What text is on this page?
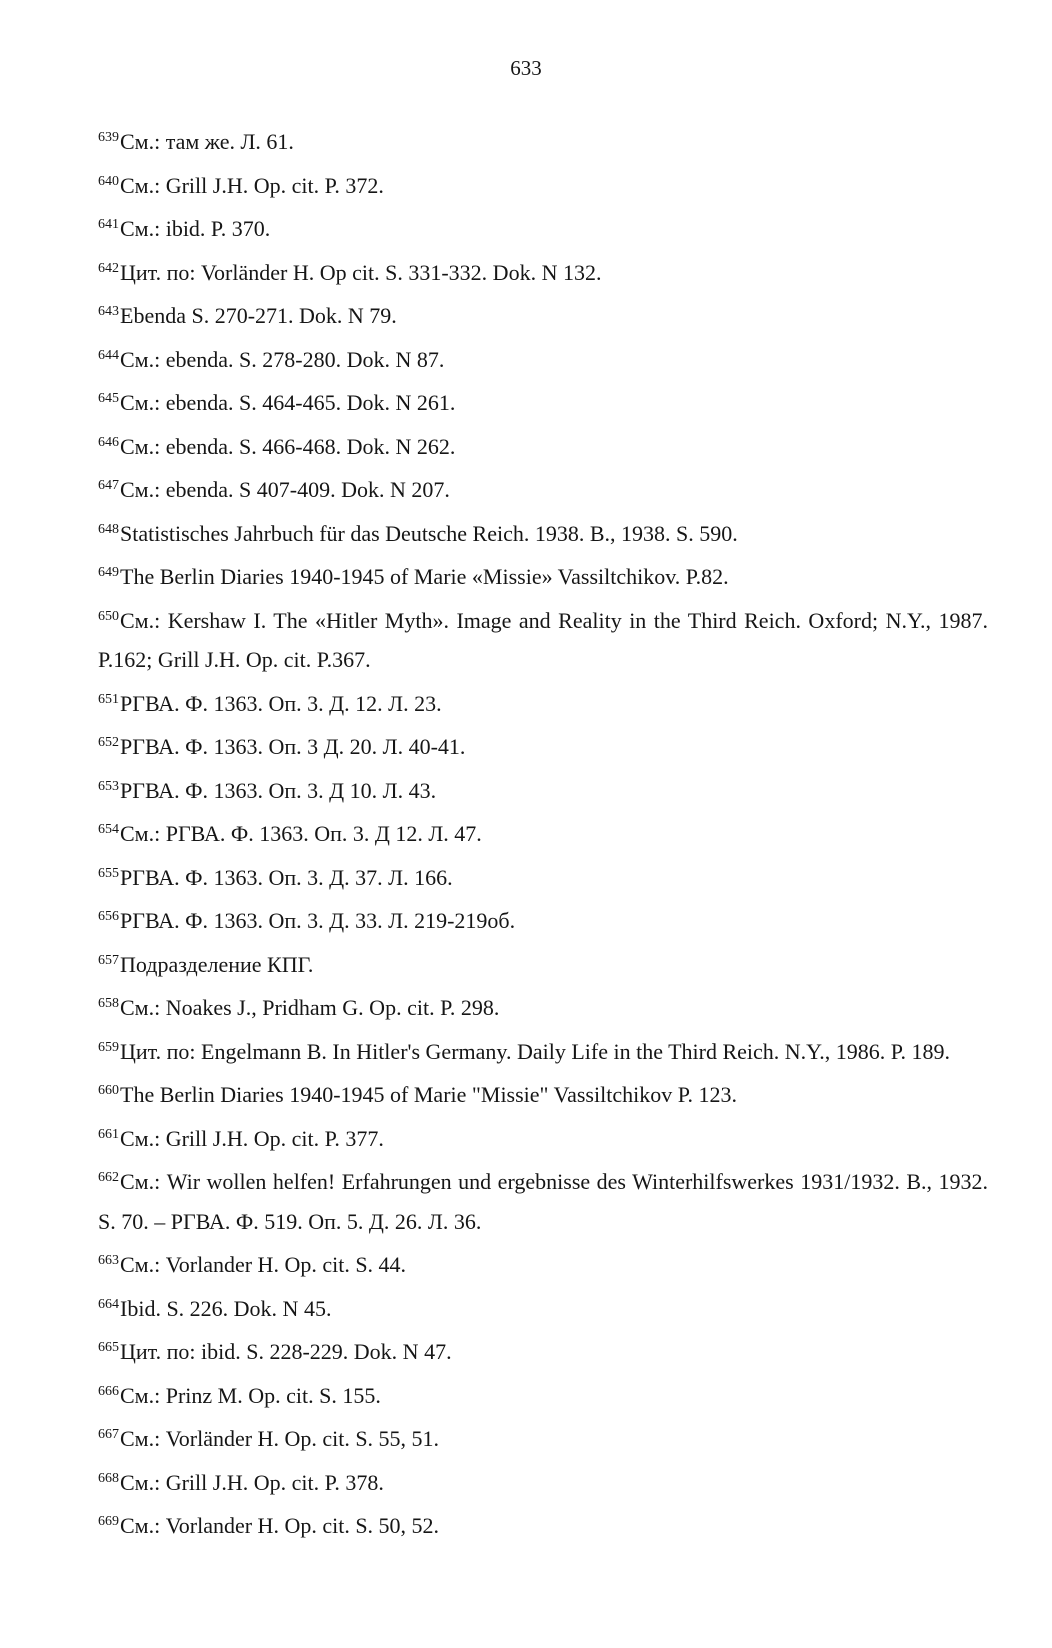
633
$^{639}$См.: там же. Л. 61.
$^{640}$См.: Grill J.H. Op. cit. P. 372.
$^{641}$См.: ibid. P. 370.
$^{642}$Цит. по: Vorländer H. Op cit. S. 331-332. Dok. N 132.
$^{643}$Ebenda S. 270-271. Dok. N 79.
$^{644}$См.: ebenda. S. 278-280. Dok. N 87.
$^{645}$См.: ebenda. S. 464-465. Dok. N 261.
$^{646}$См.: ebenda. S. 466-468. Dok. N 262.
$^{647}$См.: ebenda. S 407-409. Dok. N 207.
$^{648}$Statistisches Jahrbuch für das Deutsche Reich. 1938. B., 1938. S. 590.
$^{649}$The Berlin Diaries 1940-1945 of Marie «Missie» Vassiltchikov. P.82.
$^{650}$См.: Kershaw I. The «Hitler Myth». Image and Reality in the Third Reich. Oxford; N.Y., 1987. P.162; Grill J.H. Op. cit. P.367.
$^{651}$РГВА. Ф. 1363. Оп. 3. Д. 12. Л. 23.
$^{652}$РГВА. Ф. 1363. Оп. 3 Д. 20. Л. 40-41.
$^{653}$РГВА. Ф. 1363. Оп. 3. Д 10. Л. 43.
$^{654}$См.: РГВА. Ф. 1363. Оп. 3. Д 12. Л. 47.
$^{655}$РГВА. Ф. 1363. Оп. 3. Д. 37. Л. 166.
$^{656}$РГВА. Ф. 1363. Оп. 3. Д. 33. Л. 219-219об.
$^{657}$Подразделение КПГ.
$^{658}$См.: Noakes J., Pridham G. Op. cit. P. 298.
$^{659}$Цит. по: Engelmann B. In Hitler's Germany. Daily Life in the Third Reich. N.Y., 1986. P. 189.
$^{660}$The Berlin Diaries 1940-1945 of Marie "Missie" Vassiltchikov P. 123.
$^{661}$См.: Grill J.H. Op. cit. P. 377.
$^{662}$См.: Wir wollen helfen! Erfahrungen und ergebnisse des Winterhilfswerkes 1931/1932. B., 1932. S. 70. – РГВА. Ф. 519. Оп. 5. Д. 26. Л. 36.
$^{663}$См.: Vorlander H. Op. cit. S. 44.
$^{664}$Ibid. S. 226. Dok. N 45.
$^{665}$Цит. по: ibid. S. 228-229. Dok. N 47.
$^{666}$См.: Prinz M. Op. cit. S. 155.
$^{667}$См.: Vorländer H. Op. cit. S. 55, 51.
$^{668}$См.: Grill J.H. Op. cit. P. 378.
$^{669}$См.: Vorlander H. Op. cit. S. 50, 52.
